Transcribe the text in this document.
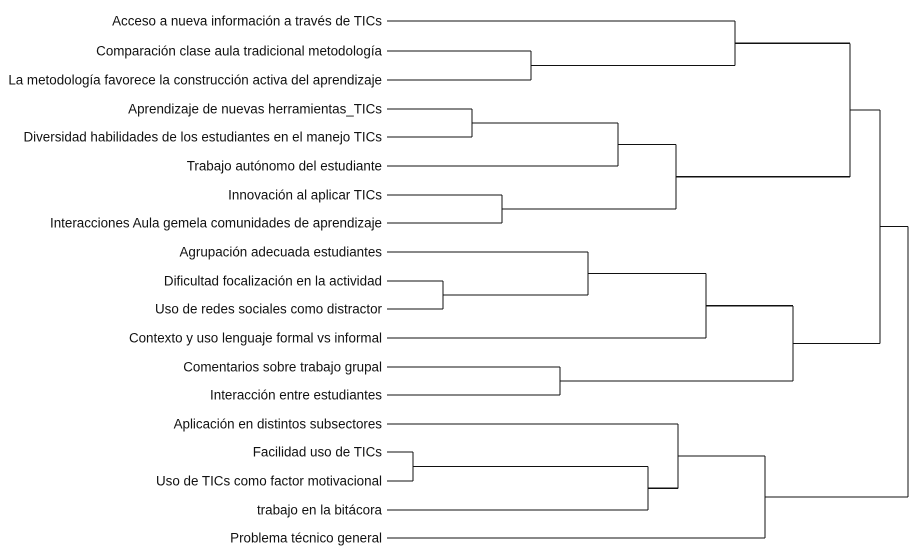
Acceso a nueva información a través de TICs
Comparación clase aula tradicional metodología
La metodología favorece la construcción activa del aprendizaje
Aprendizaje de nuevas herramientas_TICs
Diversidad habilidades de los estudiantes en el manejo TICs
Trabajo autónomo del estudiante
Innovación al aplicar TICs
Interacciones Aula gemela comunidades de aprendizaje
Agrupación adecuada estudiantes
Dificultad focalización en la actividad
Uso de redes sociales como distractor
Contexto y uso lenguaje formal vs informal
Comentarios sobre trabajo grupal
Interacción entre estudiantes
Aplicación en distintos subsectores
Facilidad uso de TICs
Uso de TICs como factor motivacional
trabajo en la bitácora
Problema técnico general
